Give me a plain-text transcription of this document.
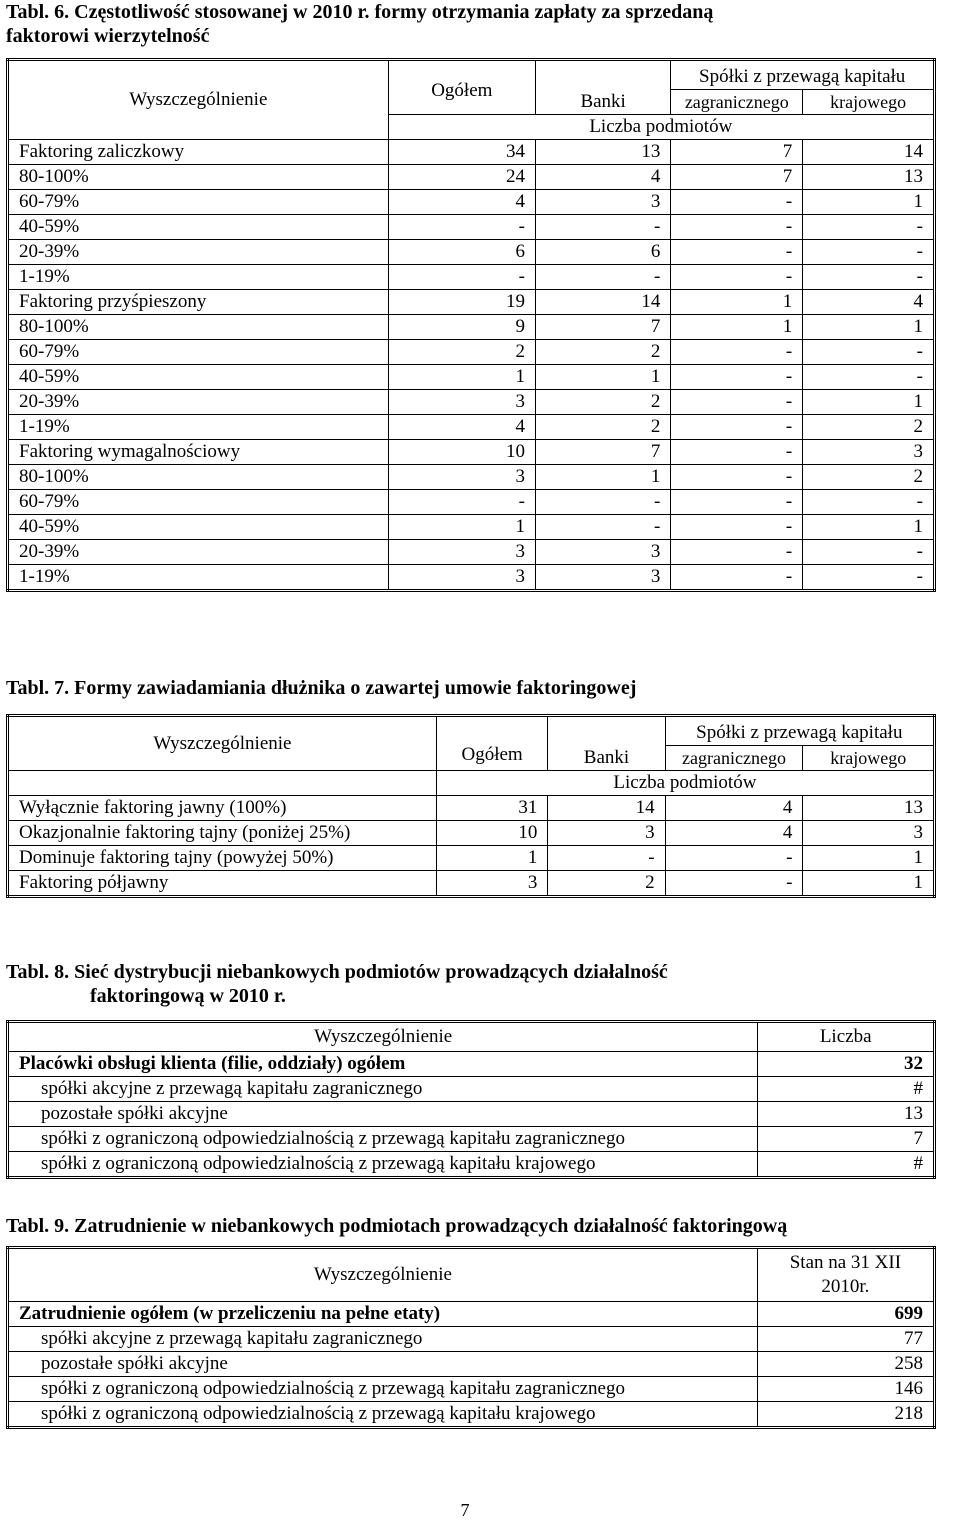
Tabl. 6. Częstotliwość stosowanej w 2010 r. formy otrzymania zapłaty za sprzedaną
faktorowi wierzytelność
Wyszczególnienie	Ogółem	Banki	Spółki z przewagą kapitału	
			zagranicznego	krajowego
	Liczba podmiotów			
Faktoring zaliczkowy	34	13	7	14
80-100%	24	4	7	13
60-79%	4	3	-	1
40-59%	-	-	-	-
20-39%	6	6	-	-
1-19%	-	-	-	-
Faktoring przyśpieszony	19	14	1	4
80-100%	9	7	1	1
60-79%	2	2	-	-
40-59%	1	1	-	-
20-39%	3	2	-	1
1-19%	4	2	-	2
Faktoring wymagalnościowy	10	7	-	3
80-100%	3	1	-	2
60-79%	-	-	-	-
40-59%	1	-	-	1
20-39%	3	3	-	-
1-19%	3	3	-	-
Tabl. 7. Formy zawiadamiania dłużnika o zawartej umowie faktoringowej
Wyszczególnienie	Ogółem	Banki	Spółki z przewagą kapitału	
			zagranicznego	krajowego
	Liczba podmiotów			
Wyłącznie faktoring jawny (100%)	31	14	4	13
Okazjonalnie faktoring tajny (poniżej 25%)	10	3	4	3
Dominuje faktoring tajny (powyżej 50%)	1	-	-	1
Faktoring półjawny	3	2	-	1
Tabl. 8. Sieć dystrybucji niebankowych podmiotów prowadzących działalność
faktoringową w 2010 r.
Wyszczególnienie	Liczba
Placówki obsługi klienta (filie, oddziały) ogółem	32
spółki akcyjne z przewagą kapitału zagranicznego	#
pozostałe spółki akcyjne	13
spółki z ograniczoną odpowiedzialnością z przewagą kapitału zagranicznego	7
spółki z ograniczoną odpowiedzialnością z przewagą kapitału krajowego	#
Tabl. 9. Zatrudnienie w niebankowych podmiotach prowadzących działalność faktoringową
Wyszczególnienie	Stan na 31 XII
2010r.
Zatrudnienie ogółem (w przeliczeniu na pełne etaty)	699
spółki akcyjne z przewagą kapitału zagranicznego	77
pozostałe spółki akcyjne	258
spółki z ograniczoną odpowiedzialnością z przewagą kapitału zagranicznego	146
spółki z ograniczoną odpowiedzialnością z przewagą kapitału krajowego	218
7
